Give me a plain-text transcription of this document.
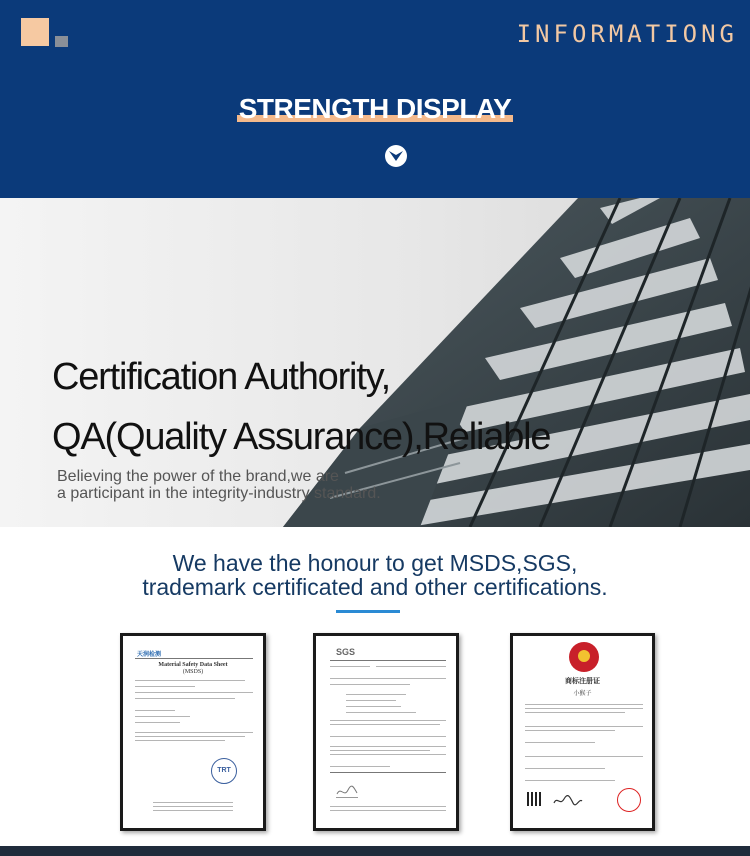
INFORMATIONG
STRENGTH DISPLAY
Certification Authority,
QA(Quality Assurance),Reliable
Believing the power of the brand,we are
a participant in the integrity-industry standard.
We have the honour to get MSDS,SGS,
trademark certificated and other certifications.
天润检测
Material Safety Data Sheet
(MSDS)
TRT
SGS
商标注册证
小猴子
